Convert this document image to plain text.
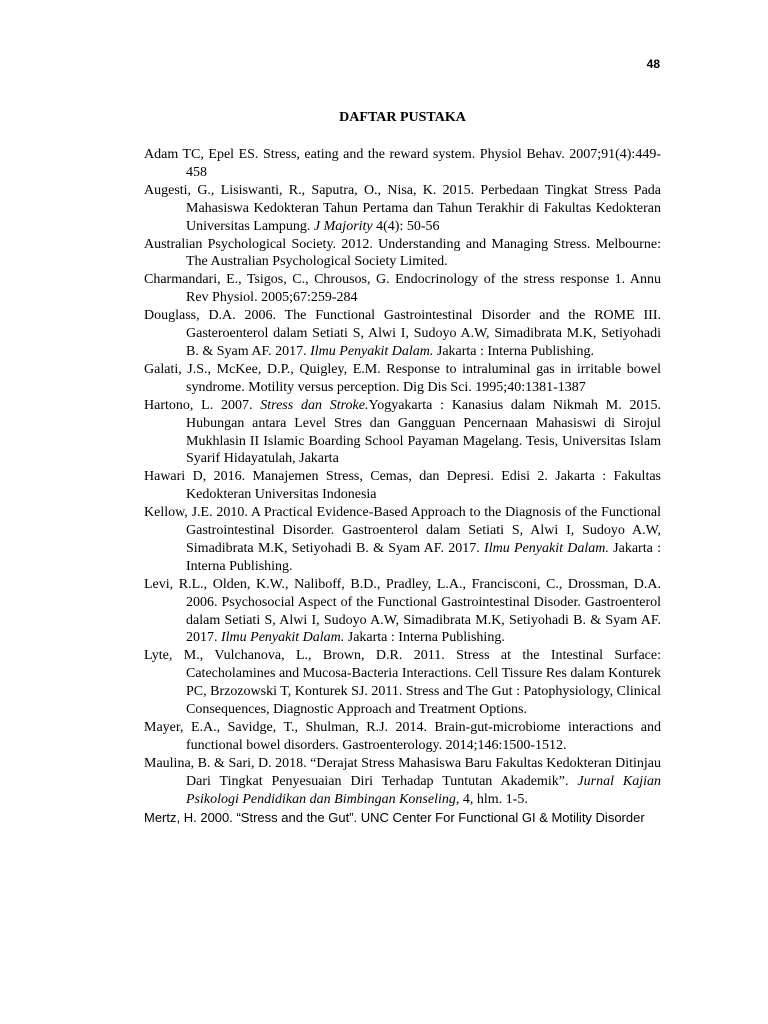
48
DAFTAR PUSTAKA
Adam TC, Epel ES. Stress, eating and the reward system. Physiol Behav. 2007;91(4):449-458
Augesti, G., Lisiswanti, R., Saputra, O., Nisa, K. 2015. Perbedaan Tingkat Stress Pada Mahasiswa Kedokteran Tahun Pertama dan Tahun Terakhir di Fakultas Kedokteran Universitas Lampung. J Majority 4(4): 50-56
Australian Psychological Society. 2012. Understanding and Managing Stress. Melbourne: The Australian Psychological Society Limited.
Charmandari, E., Tsigos, C., Chrousos, G. Endocrinology of the stress response 1. Annu Rev Physiol. 2005;67:259-284
Douglass, D.A. 2006. The Functional Gastrointestinal Disorder and the ROME III. Gasteroenterol dalam Setiati S, Alwi I, Sudoyo A.W, Simadibrata M.K, Setiyohadi B. & Syam AF. 2017. Ilmu Penyakit Dalam. Jakarta : Interna Publishing.
Galati, J.S., McKee, D.P., Quigley, E.M. Response to intraluminal gas in irritable bowel syndrome. Motility versus perception. Dig Dis Sci. 1995;40:1381-1387
Hartono, L. 2007. Stress dan Stroke.Yogyakarta : Kanasius dalam Nikmah M. 2015. Hubungan antara Level Stres dan Gangguan Pencernaan Mahasiswi di Sirojul Mukhlasin II Islamic Boarding School Payaman Magelang. Tesis, Universitas Islam Syarif Hidayatulah, Jakarta
Hawari D, 2016. Manajemen Stress, Cemas, dan Depresi. Edisi 2. Jakarta : Fakultas Kedokteran Universitas Indonesia
Kellow, J.E. 2010. A Practical Evidence-Based Approach to the Diagnosis of the Functional Gastrointestinal Disorder. Gastroenterol dalam Setiati S, Alwi I, Sudoyo A.W, Simadibrata M.K, Setiyohadi B. & Syam AF. 2017. Ilmu Penyakit Dalam. Jakarta : Interna Publishing.
Levi, R.L., Olden, K.W., Naliboff, B.D., Pradley, L.A., Francisconi, C., Drossman, D.A. 2006. Psychosocial Aspect of the Functional Gastrointestinal Disoder. Gastroenterol dalam Setiati S, Alwi I, Sudoyo A.W, Simadibrata M.K, Setiyohadi B. & Syam AF. 2017. Ilmu Penyakit Dalam. Jakarta : Interna Publishing.
Lyte, M., Vulchanova, L., Brown, D.R. 2011. Stress at the Intestinal Surface: Catecholamines and Mucosa-Bacteria Interactions. Cell Tissure Res dalam Konturek PC, Brzozowski T, Konturek SJ. 2011. Stress and The Gut : Patophysiology, Clinical Consequences, Diagnostic Approach and Treatment Options.
Mayer, E.A., Savidge, T., Shulman, R.J. 2014. Brain-gut-microbiome interactions and functional bowel disorders. Gastroenterology. 2014;146:1500-1512.
Maulina, B. & Sari, D. 2018. “Derajat Stress Mahasiswa Baru Fakultas Kedokteran Ditinjau Dari Tingkat Penyesuaian Diri Terhadap Tuntutan Akademik”. Jurnal Kajian Psikologi Pendidikan dan Bimbingan Konseling, 4, hlm. 1-5.
Mertz, H. 2000. “Stress and the Gut”. UNC Center For Functional GI & Motility Disorder
